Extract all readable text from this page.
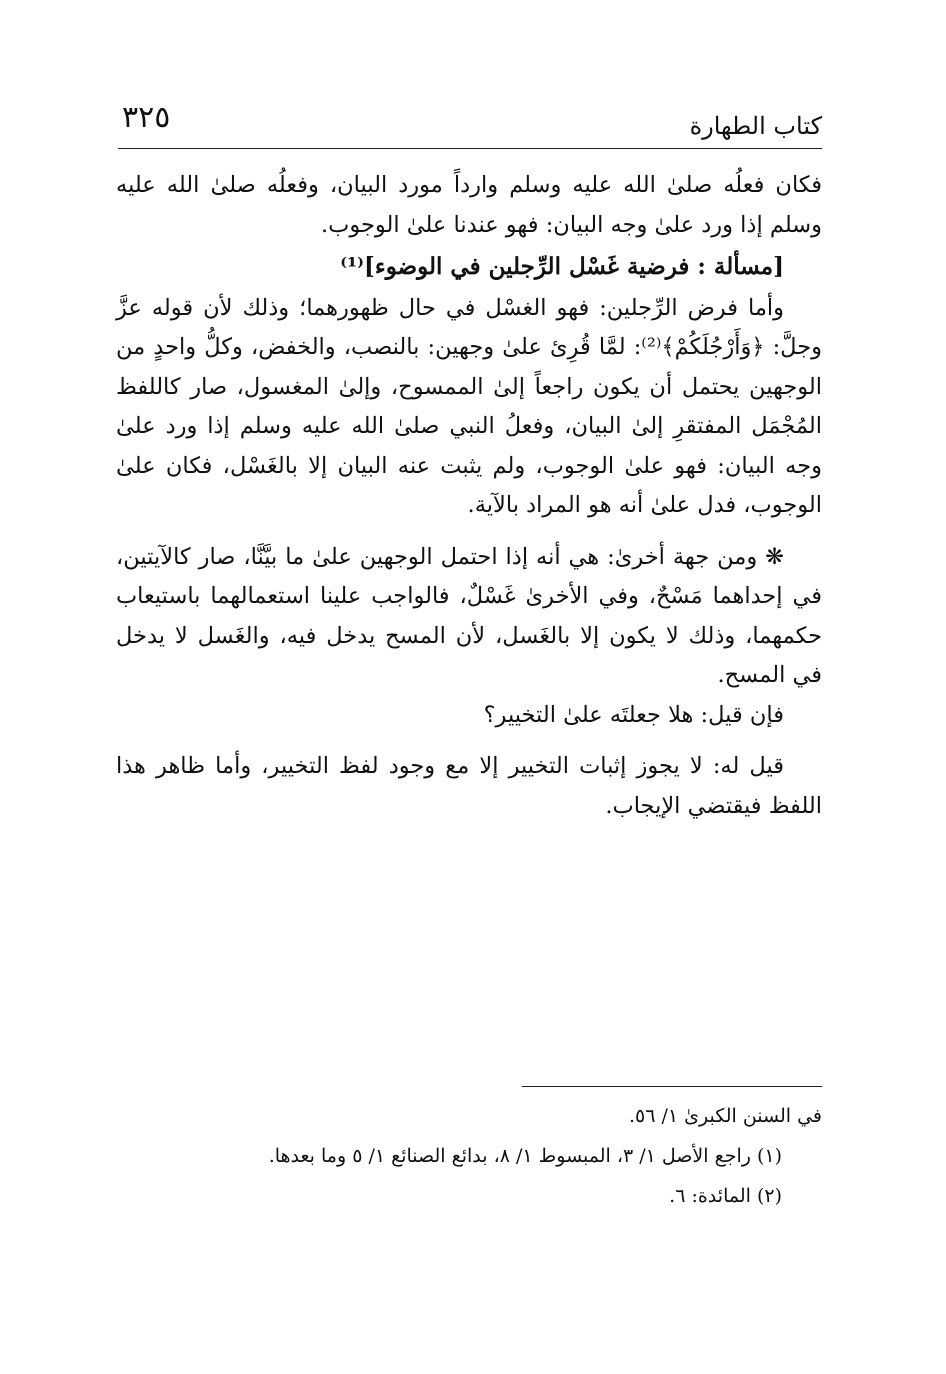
كتاب الطهارة
٣٢٥

فكان فعلُه صلىٰ الله عليه وسلم وارداً مورد البيان، وفعلُه صلىٰ الله عليه وسلم إذا ورد علىٰ وجه البيان: فهو عندنا علىٰ الوجوب.

[مسألة : فرضية غَسْل الرِّجلين في الوضوء]⁽¹⁾

وأما فرض الرِّجلين: فهو الغسْل في حال ظهورهما؛ وذلك لأن قوله عزَّ وجلَّ: ﴿وَأَرْجُلَكُمْ﴾⁽²⁾: لمَّا قُرِئ علىٰ وجهين: بالنصب، والخفض، وكلُّ واحدٍ من الوجهين يحتمل أن يكون راجعاً إلىٰ الممسوح، وإلىٰ المغسول، صار كاللفظ المُجْمَل المفتقرِ إلىٰ البيان، وفعلُ النبي صلىٰ الله عليه وسلم إذا ورد علىٰ وجه البيان: فهو علىٰ الوجوب، ولم يثبت عنه البيان إلا بالغَسْل، فكان علىٰ الوجوب، فدل علىٰ أنه هو المراد بالآية.

❋ ومن جهة أخرىٰ: هي أنه إذا احتمل الوجهين علىٰ ما بيَّنَّا، صار كالآيتين، في إحداهما مَسْحٌ، وفي الأخرىٰ غَسْلٌ، فالواجب علينا استعمالهما باستيعاب حكمهما، وذلك لا يكون إلا بالغَسل، لأن المسح يدخل فيه، والغَسل لا يدخل في المسح.

فإن قيل: هلا جعلتَه علىٰ التخيير؟

قيل له: لا يجوز إثبات التخيير إلا مع وجود لفظ التخيير، وأما ظاهر هذا اللفظ فيقتضي الإيجاب.

في السنن الكبرىٰ ١/ ٥٦.

(١) راجع الأصل ١/ ٣، المبسوط ١/ ٨، بدائع الصنائع ١/ ٥ وما بعدها.

(٢) المائدة: ٦.
